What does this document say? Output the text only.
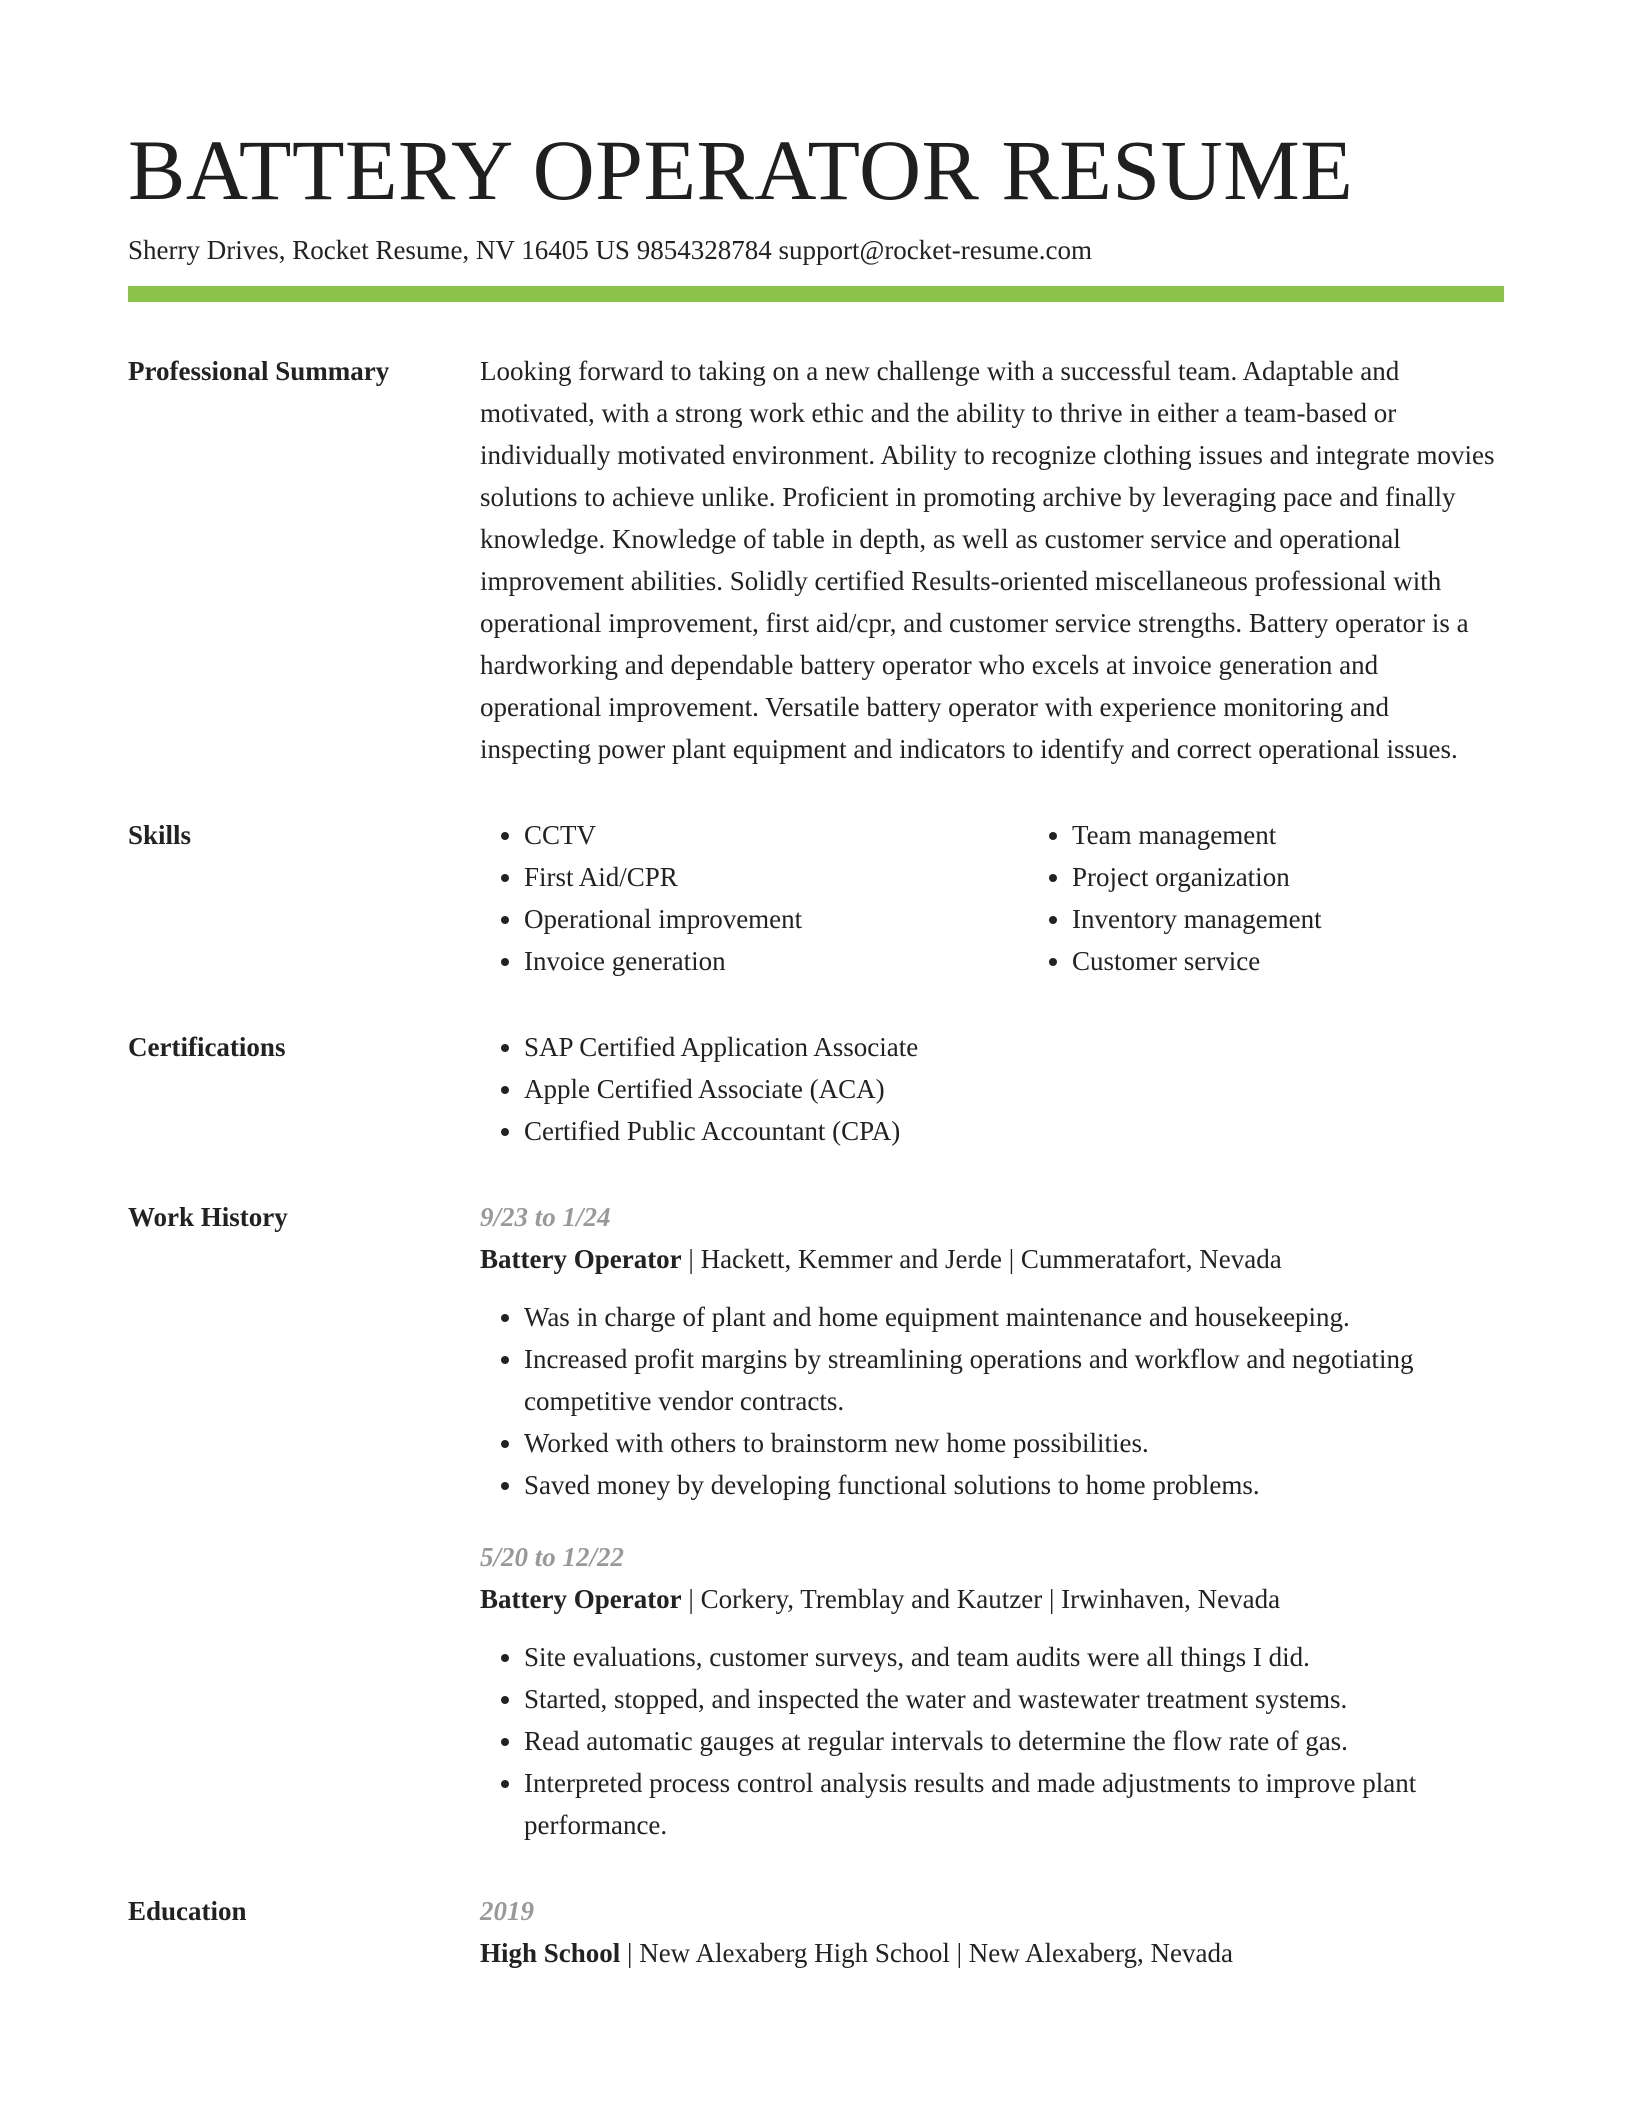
BATTERY OPERATOR RESUME
Sherry Drives, Rocket Resume, NV 16405 US 9854328784 support@rocket-resume.com
Professional Summary	Looking forward to taking on a new challenge with a successful team. Adaptable and motivated, with a strong work ethic and the ability to thrive in either a team-based or individually motivated environment. Ability to recognize clothing issues and integrate movies solutions to achieve unlike. Proficient in promoting archive by leveraging pace and finally knowledge. Knowledge of table in depth, as well as customer service and operational improvement abilities. Solidly certified Results-oriented miscellaneous professional with operational improvement, first aid/cpr, and customer service strengths. Battery operator is a hardworking and dependable battery operator who excels at invoice generation and operational improvement. Versatile battery operator with experience monitoring and inspecting power plant equipment and indicators to identify and correct operational issues.

Skills	• CCTV
• First Aid/CPR
• Operational improvement
• Invoice generation
• Team management
• Project organization
• Inventory management
• Customer service
Certifications	• SAP Certified Application Associate
• Apple Certified Associate (ACA)
• Certified Public Accountant (CPA)
Work History	9/23 to 1/24
Battery Operator | Hackett, Kemmer and Jerde | Cummeratafort, Nevada
• Was in charge of plant and home equipment maintenance and housekeeping.
• Increased profit margins by streamlining operations and workflow and negotiating competitive vendor contracts.
• Worked with others to brainstorm new home possibilities.
• Saved money by developing functional solutions to home problems.
5/20 to 12/22
Battery Operator | Corkery, Tremblay and Kautzer | Irwinhaven, Nevada
• Site evaluations, customer surveys, and team audits were all things I did.
• Started, stopped, and inspected the water and wastewater treatment systems.
• Read automatic gauges at regular intervals to determine the flow rate of gas.
• Interpreted process control analysis results and made adjustments to improve plant performance.
Education	2019
High School | New Alexaberg High School | New Alexaberg, Nevada
